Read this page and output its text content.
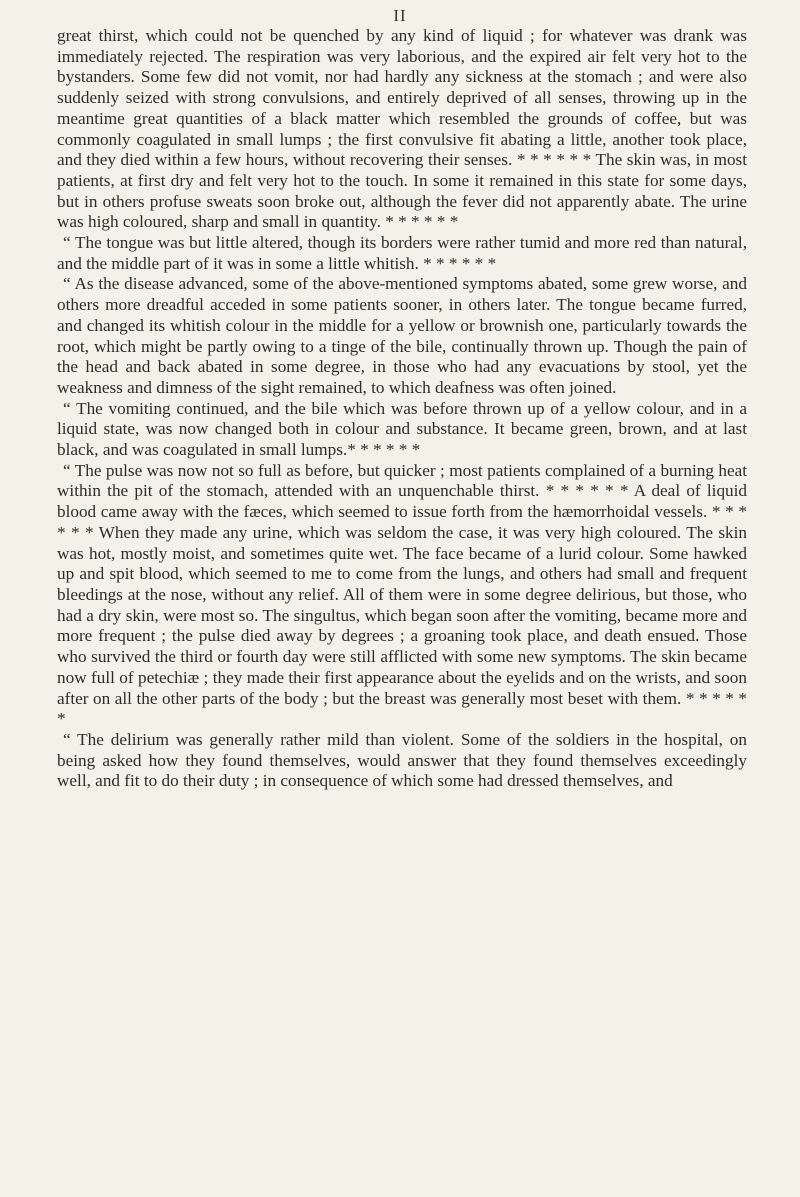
II

great thirst, which could not be quenched by any kind of liquid ; for whatever was drank was immediately rejected. The respiration was very laborious, and the expired air felt very hot to the bystanders. Some few did not vomit, nor had hardly any sickness at the stomach ; and were also suddenly seized with strong convulsions, and entirely deprived of all senses, throwing up in the meantime great quantities of a black matter which resembled the grounds of coffee, but was commonly coagulated in small lumps ; the first convulsive fit abating a little, another took place, and they died within a few hours, without recovering their senses. * * * * * * The skin was, in most patients, at first dry and felt very hot to the touch. In some it remained in this state for some days, but in others profuse sweats soon broke out, although the fever did not apparently abate. The urine was high coloured, sharp and small in quantity. * * * * * *

“ The tongue was but little altered, though its borders were rather tumid and more red than natural, and the middle part of it was in some a little whitish. * * * * * *

“ As the disease advanced, some of the above-mentioned symptoms abated, some grew worse, and others more dreadful acceded in some patients sooner, in others later. The tongue became furred, and changed its whitish colour in the middle for a yellow or brownish one, particularly towards the root, which might be partly owing to a tinge of the bile, continually thrown up. Though the pain of the head and back abated in some degree, in those who had any evacuations by stool, yet the weakness and dimness of the sight remained, to which deafness was often joined.

“ The vomiting continued, and the bile which was before thrown up of a yellow colour, and in a liquid state, was now changed both in colour and substance. It became green, brown, and at last black, and was coagulated in small lumps.* * * * * *

“ The pulse was now not so full as before, but quicker ; most patients complained of a burning heat within the pit of the stomach, attended with an unquenchable thirst. * * * * * * A deal of liquid blood came away with the fæces, which seemed to issue forth from the hæmorrhoidal vessels. * * * * * * When they made any urine, which was seldom the case, it was very high coloured. The skin was hot, mostly moist, and sometimes quite wet. The face became of a lurid colour. Some hawked up and spit blood, which seemed to me to come from the lungs, and others had small and frequent bleedings at the nose, without any relief. All of them were in some degree delirious, but those, who had a dry skin, were most so. The singultus, which began soon after the vomiting, became more and more frequent ; the pulse died away by degrees ; a groaning took place, and death ensued. Those who survived the third or fourth day were still afflicted with some new symptoms. The skin became now full of petechiæ ; they made their first appearance about the eyelids and on the wrists, and soon after on all the other parts of the body ; but the breast was generally most beset with them. * * * * * *

“ The delirium was generally rather mild than violent. Some of the soldiers in the hospital, on being asked how they found themselves, would answer that they found themselves exceedingly well, and fit to do their duty ; in consequence of which some had dressed themselves, and
